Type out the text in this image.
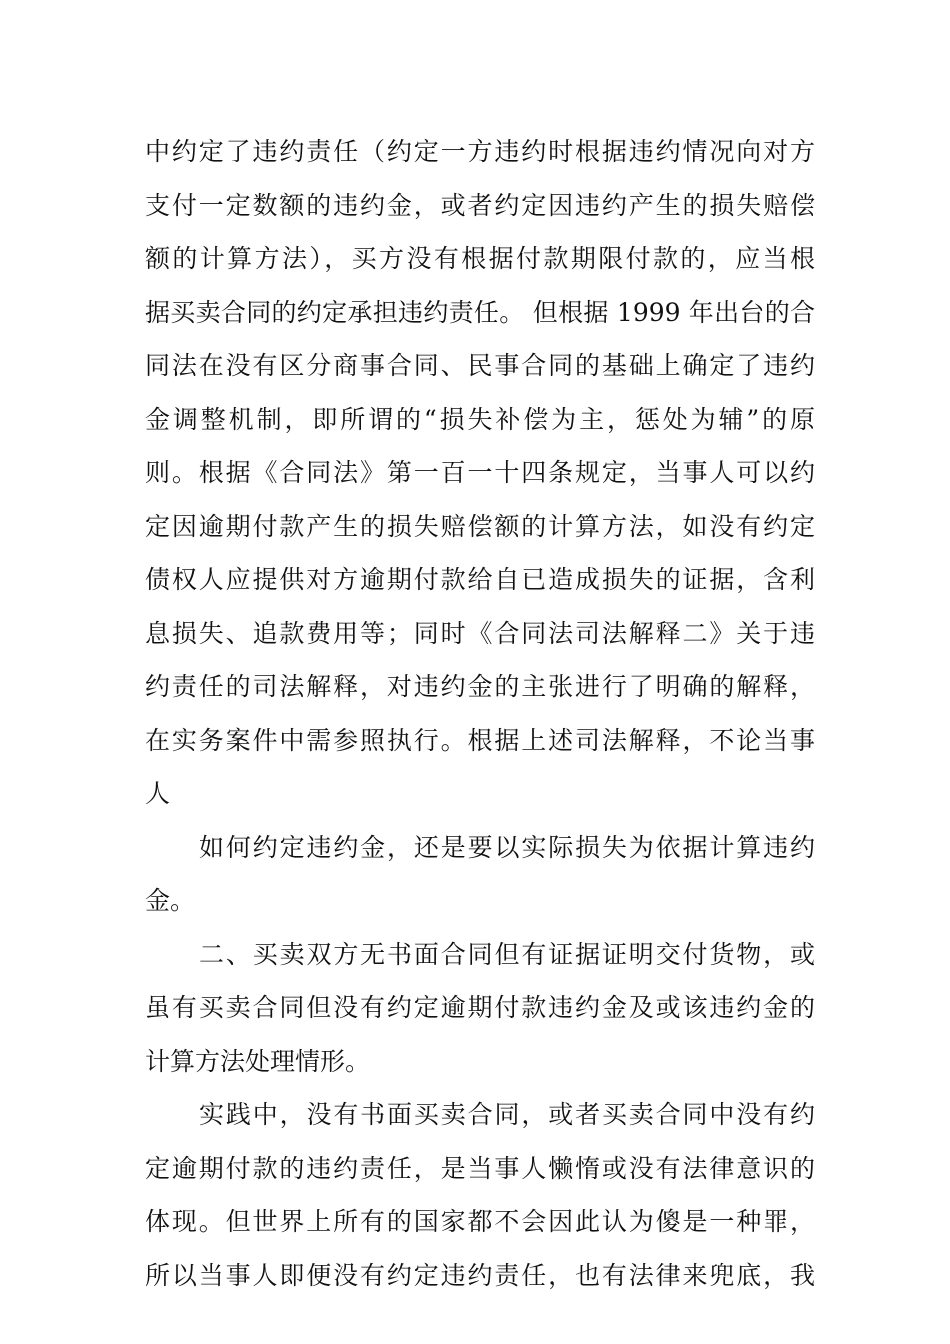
中约定了违约责任（约定一方违约时根据违约情况向对方
支付一定数额的违约金，或者约定因违约产生的损失赔偿
额的计算方法），买方没有根据付款期限付款的，应当根
据买卖合同的约定承担违约责任。 但根据 1999 年出台的合
同法在没有区分商事合同、民事合同的基础上确定了违约
金调整机制，即所谓的“损失补偿为主，惩处为辅”的原
则。根据《合同法》第一百一十四条规定，当事人可以约
定因逾期付款产生的损失赔偿额的计算方法，如没有约定
债权人应提供对方逾期付款给自已造成损失的证据，含利
息损失、追款费用等；同时《合同法司法解释二》关于违
约责任的司法解释，对违约金的主张进行了明确的解释，
在实务案件中需参照执行。根据上述司法解释，不论当事
人
如何约定违约金，还是要以实际损失为依据计算违约
金。
二、买卖双方无书面合同但有证据证明交付货物，或
虽有买卖合同但没有约定逾期付款违约金及或该违约金的
计算方法处理情形。
实践中，没有书面买卖合同，或者买卖合同中没有约
定逾期付款的违约责任，是当事人懒惰或没有法律意识的
体现。但世界上所有的国家都不会因此认为傻是一种罪，
所以当事人即便没有约定违约责任，也有法律来兜底，我
